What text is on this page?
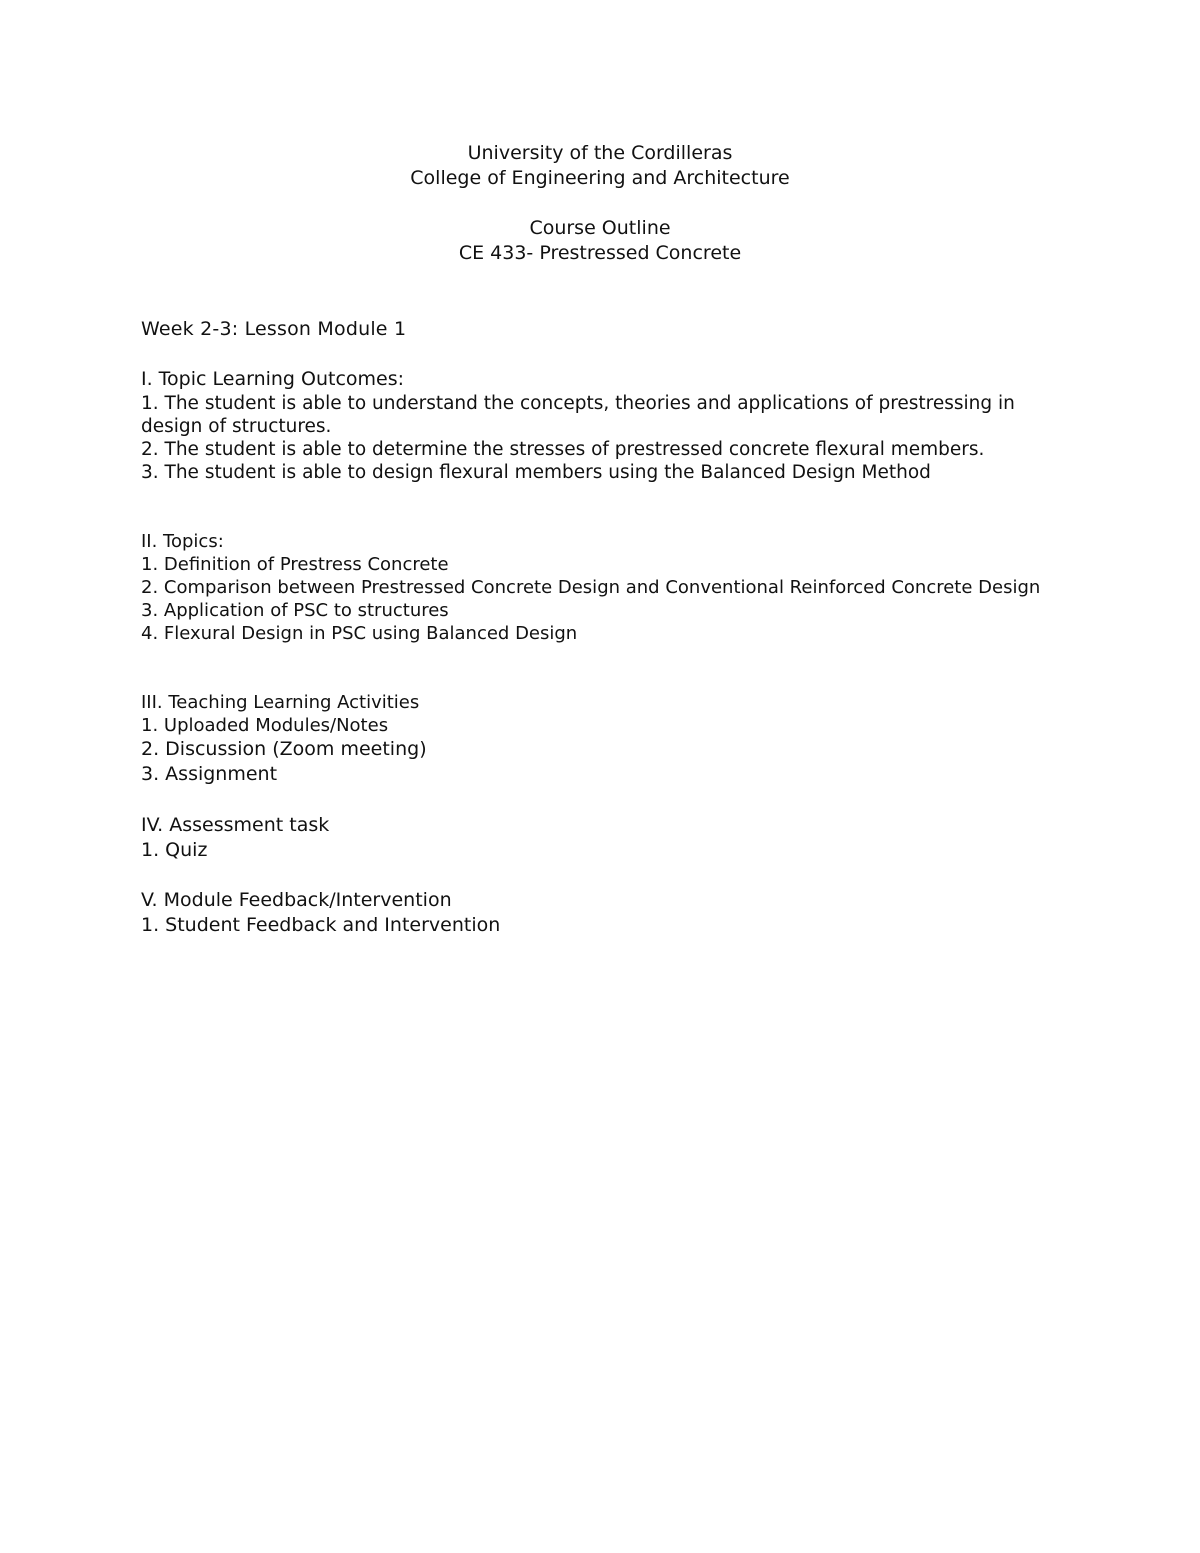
University of the Cordilleras
College of Engineering and Architecture
Course Outline
CE 433- Prestressed Concrete
Week 2-3: Lesson Module 1
I. Topic Learning Outcomes:
1. The student is able to understand the concepts, theories and applications of prestressing in design of structures.
2. The student is able to determine the stresses of prestressed concrete flexural members.
3. The student is able to design flexural members using the Balanced Design Method
II. Topics:
1. Definition of Prestress Concrete
2. Comparison between Prestressed Concrete Design and Conventional Reinforced Concrete Design
3. Application of PSC to structures
4. Flexural Design in PSC using Balanced Design
III. Teaching Learning Activities
1. Uploaded Modules/Notes
2. Discussion (Zoom meeting)
3. Assignment
IV. Assessment task
1. Quiz
V. Module Feedback/Intervention
1. Student Feedback and Intervention
